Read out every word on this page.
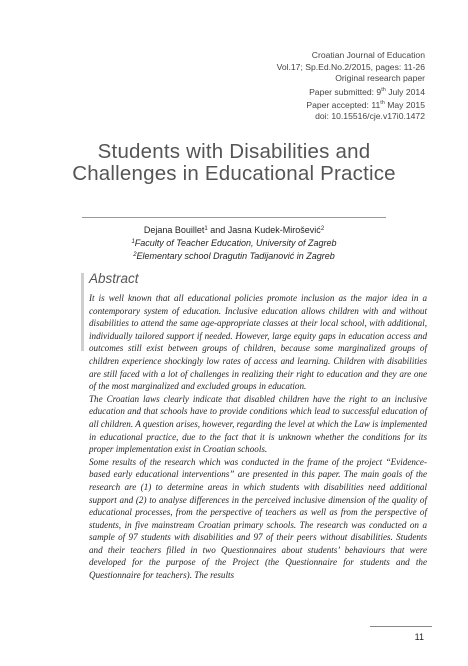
Croatian Journal of Education
Vol.17; Sp.Ed.No.2/2015, pages: 11-26
Original research paper
Paper submitted: 9th July 2014
Paper accepted: 11th May 2015
doi: 10.15516/cje.v17i0.1472
Students with Disabilities and Challenges in Educational Practice
Dejana Bouillet$^1$ and Jasna Kudek-Mirošević$^2$
$^1$Faculty of Teacher Education, University of Zagreb
$^2$Elementary school Dragutin Tadijanović in Zagreb
Abstract

It is well known that all educational policies promote inclusion as the major idea in a contemporary system of education. Inclusive education allows children with and without disabilities to attend the same age-appropriate classes at their local school, with additional, individually tailored support if needed. However, large equity gaps in education access and outcomes still exist between groups of children, because some marginalized groups of children experience shockingly low rates of access and learning. Children with disabilities are still faced with a lot of challenges in realizing their right to education and they are one of the most marginalized and excluded groups in education.

The Croatian laws clearly indicate that disabled children have the right to an inclusive education and that schools have to provide conditions which lead to successful education of all children. A question arises, however, regarding the level at which the Law is implemented in educational practice, due to the fact that it is unknown whether the conditions for its proper implementation exist in Croatian schools.

Some results of the research which was conducted in the frame of the project “Evidence-based early educational interventions” are presented in this paper. The main goals of the research are (1) to determine areas in which students with disabilities need additional support and (2) to analyse differences in the perceived inclusive dimension of the quality of educational processes, from the perspective of teachers as well as from the perspective of students, in five mainstream Croatian primary schools. The research was conducted on a sample of 97 students with disabilities and 97 of their peers without disabilities. Students and their teachers filled in two Questionnaires about students’ behaviours that were developed for the purpose of the Project (the Questionnaire for students and the Questionnaire for teachers). The results

11
